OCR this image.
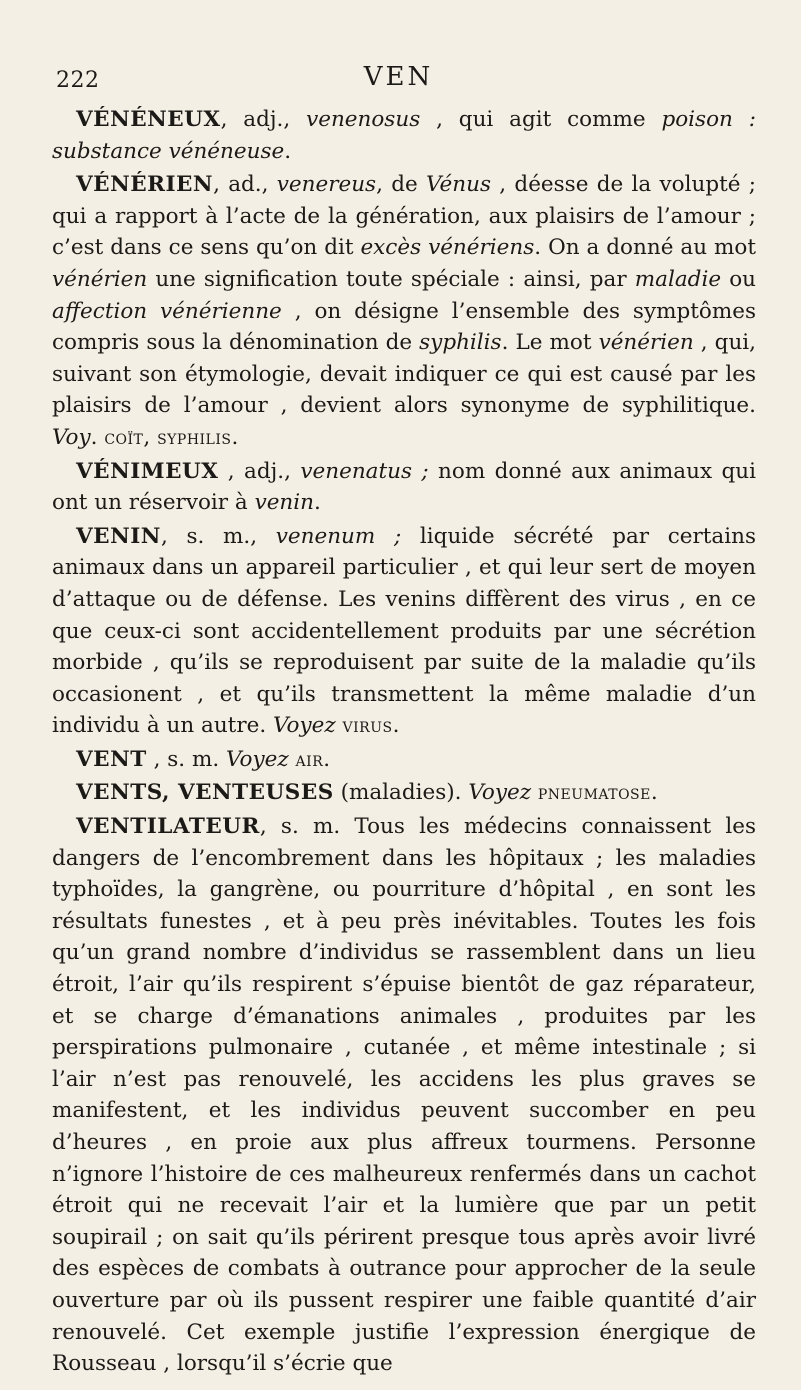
222	VEN

VÉNÉNEUX, adj., venenosus , qui agit comme poison : substance vénéneuse.

VÉNÉRIEN, ad., venereus, de Vénus , déesse de la volupté ; qui a rapport à l’acte de la génération, aux plaisirs de l’amour ; c’est dans ce sens qu’on dit excès vénériens. On a donné au mot vénérien une signification toute spéciale : ainsi, par maladie ou affection vénérienne , on désigne l’ensemble des symptômes compris sous la dénomination de syphilis. Le mot vénérien , qui, suivant son étymologie, devait indiquer ce qui est causé par les plaisirs de l’amour , devient alors synonyme de syphilitique. Voy. coït, syphilis.

VÉNIMEUX , adj., venenatus ; nom donné aux animaux qui ont un réservoir à venin.

VENIN, s. m., venenum ; liquide sécrété par certains animaux dans un appareil particulier , et qui leur sert de moyen d’attaque ou de défense. Les venins diffèrent des virus , en ce que ceux-ci sont accidentellement produits par une sécrétion morbide , qu’ils se reproduisent par suite de la maladie qu’ils occasionent , et qu’ils transmettent la même maladie d’un individu à un autre. Voyez virus.

VENT , s. m. Voyez air.

VENTS, VENTEUSES (maladies). Voyez pneumatose.

VENTILATEUR, s. m. Tous les médecins connaissent les dangers de l’encombrement dans les hôpitaux ; les maladies typhoïdes, la gangrène, ou pourriture d’hôpital , en sont les résultats funestes , et à peu près inévitables. Toutes les fois qu’un grand nombre d’individus se rassemblent dans un lieu étroit, l’air qu’ils respirent s’épuise bientôt de gaz réparateur, et se charge d’émanations animales , produites par les perspirations pulmonaire , cutanée , et même intestinale ; si l’air n’est pas renouvelé, les accidens les plus graves se manifestent, et les individus peuvent succomber en peu d’heures , en proie aux plus affreux tourmens. Personne n’ignore l’histoire de ces malheureux renfermés dans un cachot étroit qui ne recevait l’air et la lumière que par un petit soupirail ; on sait qu’ils périrent presque tous après avoir livré des espèces de combats à outrance pour approcher de la seule ouverture par où ils pussent respirer une faible quantité d’air renouvelé. Cet exemple justifie l’expression énergique de Rousseau , lorsqu’il s’écrie que
